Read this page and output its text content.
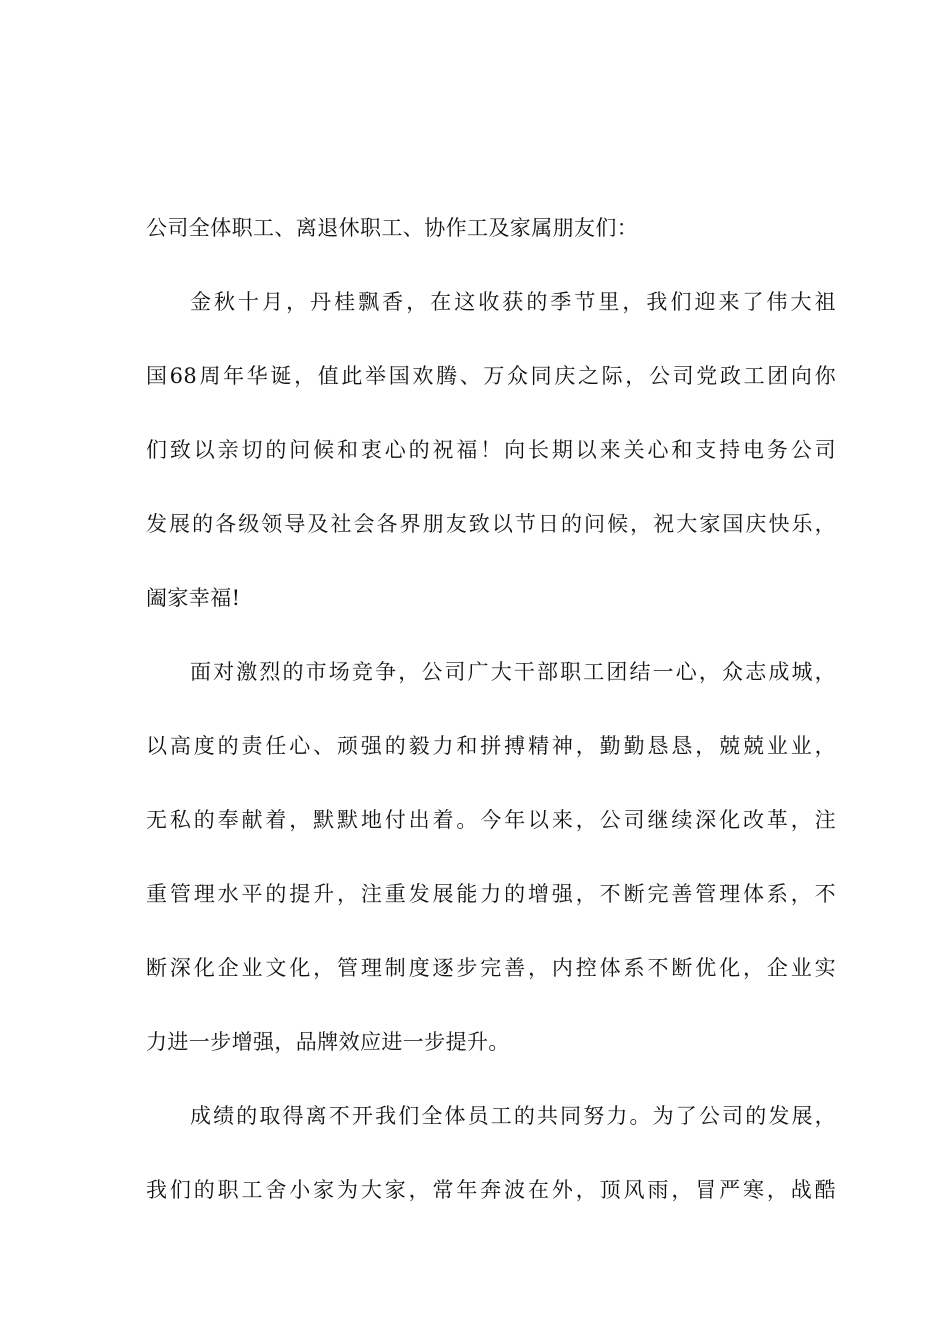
公司全体职工、离退休职工、协作工及家属朋友们：
金秋十月，丹桂飘香，在这收获的季节里，我们迎来了伟大祖
国68周年华诞，值此举国欢腾、万众同庆之际，公司党政工团向你
们致以亲切的问候和衷心的祝福！向长期以来关心和支持电务公司
发展的各级领导及社会各界朋友致以节日的问候，祝大家国庆快乐，
阖家幸福!
面对激烈的市场竞争，公司广大干部职工团结一心，众志成城，
以高度的责任心、顽强的毅力和拼搏精神，勤勤恳恳，兢兢业业，
无私的奉献着，默默地付出着。今年以来，公司继续深化改革，注
重管理水平的提升，注重发展能力的增强，不断完善管理体系，不
断深化企业文化，管理制度逐步完善，内控体系不断优化，企业实
力进一步增强，品牌效应进一步提升。
成绩的取得离不开我们全体员工的共同努力。为了公司的发展，
我们的职工舍小家为大家，常年奔波在外，顶风雨，冒严寒，战酷
